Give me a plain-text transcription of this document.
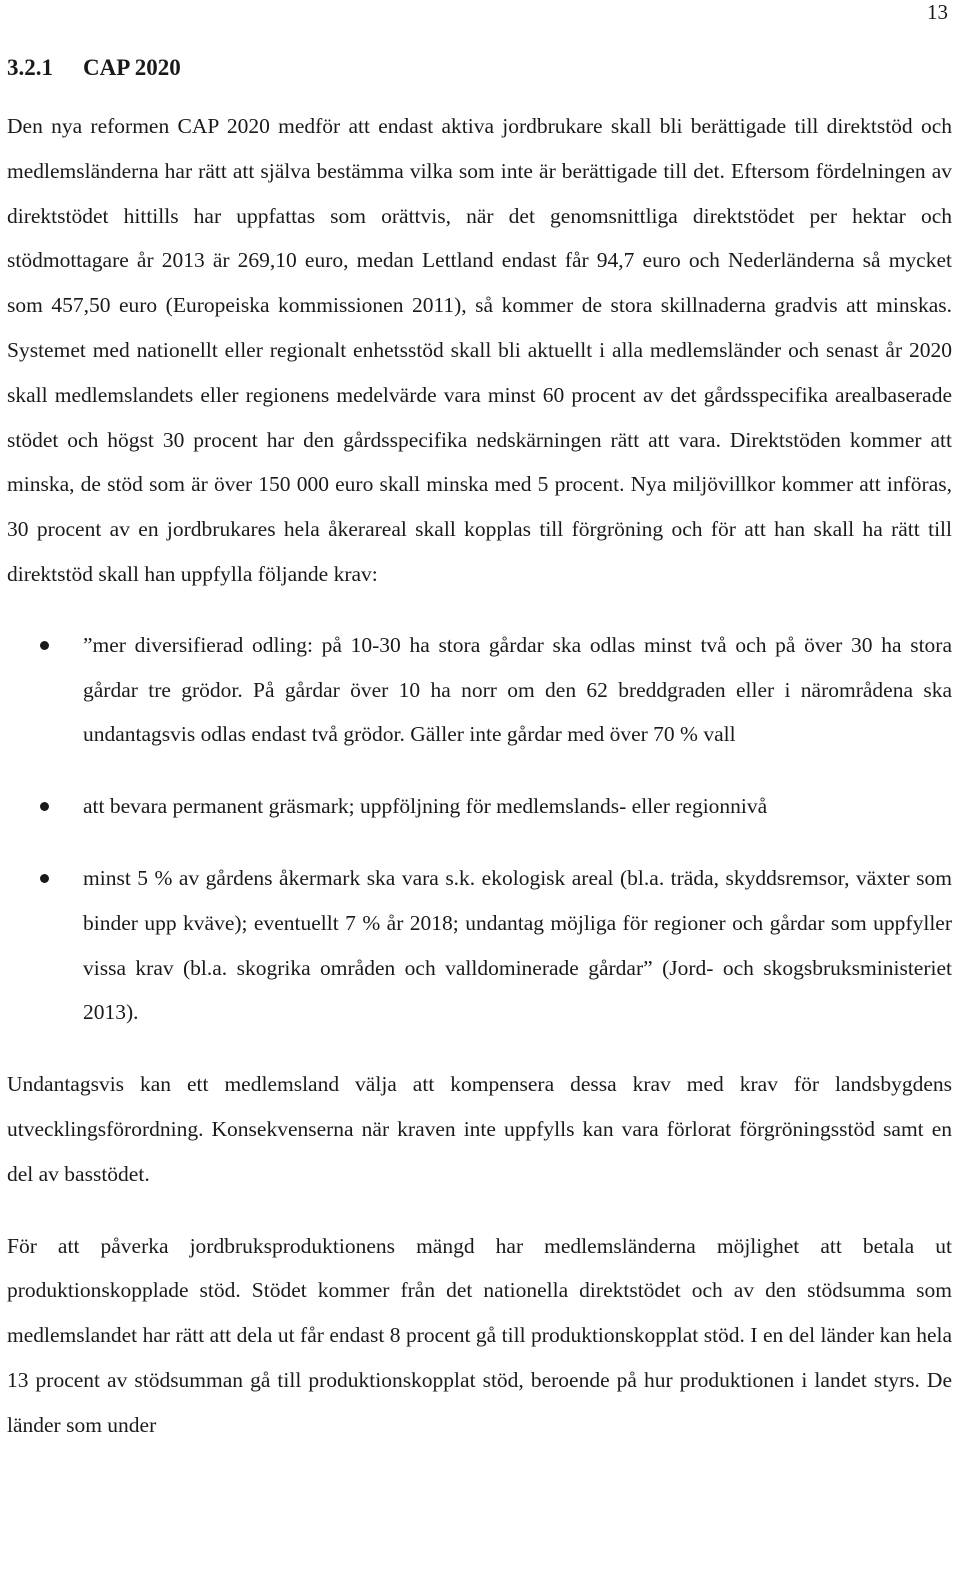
13
3.2.1 CAP 2020

Den nya reformen CAP 2020 medför att endast aktiva jordbrukare skall bli berättigade till direktstöd och medlemsländerna har rätt att själva bestämma vilka som inte är berättigade till det. Eftersom fördelningen av direktstödet hittills har uppfattas som orättvis, när det genomsnittliga direktstödet per hektar och stödmottagare år 2013 är 269,10 euro, medan Lettland endast får 94,7 euro och Nederländerna så mycket som 457,50 euro (Europeiska kommissionen 2011), så kommer de stora skillnaderna gradvis att minskas. Systemet med nationellt eller regionalt enhetsstöd skall bli aktuellt i alla medlemsländer och senast år 2020 skall medlemslandets eller regionens medelvärde vara minst 60 procent av det gårdsspecifika arealbaserade stödet och högst 30 procent har den gårdsspecifika nedskärningen rätt att vara. Direktstöden kommer att minska, de stöd som är över 150 000 euro skall minska med 5 procent. Nya miljövillkor kommer att införas, 30 procent av en jordbrukares hela åkerareal skall kopplas till förgröning och för att han skall ha rätt till direktstöd skall han uppfylla följande krav:

”mer diversifierad odling: på 10-30 ha stora gårdar ska odlas minst två och på över 30 ha stora gårdar tre grödor. På gårdar över 10 ha norr om den 62 breddgraden eller i närområdena ska undantagsvis odlas endast två grödor. Gäller inte gårdar med över 70 % vall
att bevara permanent gräsmark; uppföljning för medlemslands- eller regionnivå
minst 5 % av gårdens åkermark ska vara s.k. ekologisk areal (bl.a. träda, skyddsremsor, växter som binder upp kväve); eventuellt 7 % år 2018; undantag möjliga för regioner och gårdar som uppfyller vissa krav (bl.a. skogrika områden och valldominerade gårdar” (Jord- och skogsbruksministeriet 2013).

Undantagsvis kan ett medlemsland välja att kompensera dessa krav med krav för landsbygdens utvecklingsförordning. Konsekvenserna när kraven inte uppfylls kan vara förlorat förgröningsstöd samt en del av basstödet.

För att påverka jordbruksproduktionens mängd har medlemsländerna möjlighet att betala ut produktionskopplade stöd. Stödet kommer från det nationella direktstödet och av den stödsumma som medlemslandet har rätt att dela ut får endast 8 procent gå till produktionskopplat stöd. I en del länder kan hela 13 procent av stödsumman gå till produktionskopplat stöd, beroende på hur produktionen i landet styrs. De länder som under
